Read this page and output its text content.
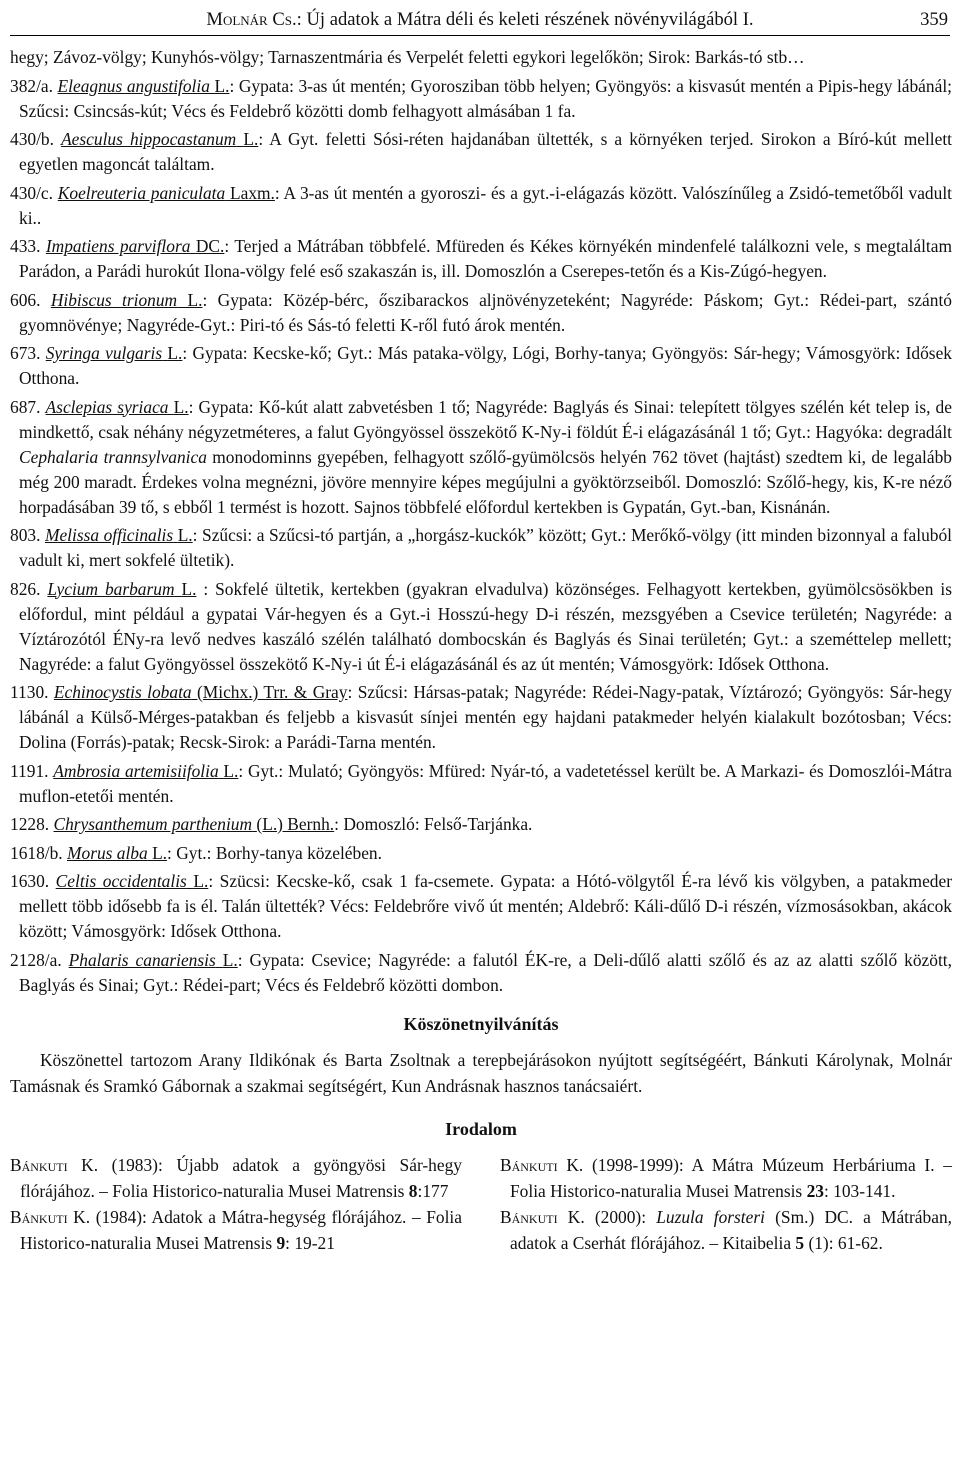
Molnár Cs.: Új adatok a Mátra déli és keleti részének növényvilágából I.	359

hegy; Závoz-völgy; Kunyhós-völgy; Tarnaszentmária és Verpelét feletti egykori legelőkön; Sirok: Barkás-tó stb…

382/a. Eleagnus angustifolia L.: Gypata: 3-as út mentén; Gyorosziban több helyen; Gyöngyös: a kisvasút mentén a Pipis-hegy lábánál; Szűcsi: Csincsás-kút; Vécs és Feldebrő közötti domb felhagyott almásában 1 fa.

430/b. Aesculus hippocastanum L.: A Gyt. feletti Sósi-réten hajdanában ültették, s a környéken terjed. Sirokon a Bíró-kút mellett egyetlen magoncát találtam.

430/c. Koelreuteria paniculata Laxm.: A 3-as út mentén a gyoroszi- és a gyt.-i-elágazás között. Valószínűleg a Zsidó-temetőből vadult ki..

433. Impatiens parviflora DC.: Terjed a Mátrában többfelé. Mfüreden és Kékes környékén mindenfelé találkozni vele, s megtaláltam Parádon, a Parádi hurokút Ilona-völgy felé eső szakaszán is, ill. Domoszlón a Cserepes-tetőn és a Kis-Zúgó-hegyen.

606. Hibiscus trionum L.: Gypata: Közép-bérc, őszibarackos aljnövényzeteként; Nagyréde: Páskom; Gyt.: Rédei-part, szántó gyomnövénye; Nagyréde-Gyt.: Piri-tó és Sás-tó feletti K-ről futó árok mentén.

673. Syringa vulgaris L.: Gypata: Kecske-kő; Gyt.: Más pataka-völgy, Lógi, Borhy-tanya; Gyöngyös: Sár-hegy; Vámosgyörk: Idősek Otthona.

687. Asclepias syriaca L.: Gypata: Kő-kút alatt zabvetésben 1 tő; Nagyréde: Baglyás és Sinai: telepített tölgyes szélén két telep is, de mindkettő, csak néhány négyzetméteres, a falut Gyöngyössel összekötő K-Ny-i földút É-i elágazásánál 1 tő; Gyt.: Hagyóka: degradált Cephalaria trannsylvanica monodominns gyepében, felhagyott szőlő-gyümölcsös helyén 762 tövet (hajtást) szedtem ki, de legalább még 200 maradt. Érdekes volna megnézni, jövöre mennyire képes megújulni a gyöktörzseiből. Domoszló: Szőlő-hegy, kis, K-re néző horpadásában 39 tő, s ebből 1 termést is hozott. Sajnos többfelé előfordul kertekben is Gypatán, Gyt.-ban, Kisnánán.

803. Melissa officinalis L.: Szűcsi: a Szűcsi-tó partján, a „horgász-kuckók” között; Gyt.: Merőkő-völgy (itt minden bizonnyal a faluból vadult ki, mert sokfelé ültetik).

826. Lycium barbarum L. : Sokfelé ültetik, kertekben (gyakran elvadulva) közönséges. Felhagyott kertekben, gyümölcsösökben is előfordul, mint például a gypatai Vár-hegyen és a Gyt.-i Hosszú-hegy D-i részén, mezsgyében a Csevice területén; Nagyréde: a Víztározótól ÉNy-ra levő nedves kaszáló szélén található dombocskán és Baglyás és Sinai területén; Gyt.: a szeméttelep mellett; Nagyréde: a falut Gyöngyössel összekötő K-Ny-i út É-i elágazásánál és az út mentén; Vámosgyörk: Idősek Otthona.

1130. Echinocystis lobata (Michx.) Trr. & Gray: Szűcsi: Hársas-patak; Nagyréde: Rédei-Nagy-patak, Víztározó; Gyöngyös: Sár-hegy lábánál a Külső-Mérges-patakban és feljebb a kisvasút sínjei mentén egy hajdani patakmeder helyén kialakult bozótosban; Vécs: Dolina (Forrás)-patak; Recsk-Sirok: a Parádi-Tarna mentén.

1191. Ambrosia artemisiifolia L.: Gyt.: Mulató; Gyöngyös: Mfüred: Nyár-tó, a vadetetéssel került be. A Markazi- és Domoszlói-Mátra muflon-etetői mentén.

1228. Chrysanthemum parthenium (L.) Bernh.: Domoszló: Felső-Tarjánka.

1618/b. Morus alba L.: Gyt.: Borhy-tanya közelében.

1630. Celtis occidentalis L.: Szücsi: Kecske-kő, csak 1 fa-csemete. Gypata: a Hótó-völgytől É-ra lévő kis völgyben, a patakmeder mellett több idősebb fa is él. Talán ültették? Vécs: Feldebrőre vivő út mentén; Aldebrő: Káli-dűlő D-i részén, vízmosásokban, akácok között; Vámosgyörk: Idősek Otthona.

2128/a. Phalaris canariensis L.: Gypata: Csevice; Nagyréde: a falutól ÉK-re, a Deli-dűlő alatti szőlő és az az alatti szőlő között, Baglyás és Sinai; Gyt.: Rédei-part; Vécs és Feldebrő közötti dombon.

Köszönetnyilvánítás

Köszönettel tartozom Arany Ildikónak és Barta Zsoltnak a terepbejárásokon nyújtott segítségéért, Bánkuti Károlynak, Molnár Tamásnak és Sramkó Gábornak a szakmai segítségért, Kun Andrásnak hasznos tanácsaiért.

Irodalom

Bánkuti K. (1983): Újabb adatok a gyöngyösi Sár-hegy flórájához. – Folia Historico-naturalia Musei Matrensis 8:177

Bánkuti K. (1984): Adatok a Mátra-hegység flórájához. – Folia Historico-naturalia Musei Matrensis 9: 19-21

Bánkuti K. (1998-1999): A Mátra Múzeum Herbáriuma I. – Folia Historico-naturalia Musei Matrensis 23: 103-141.

Bánkuti K. (2000): Luzula forsteri (Sm.) DC. a Mátrában, adatok a Cserhát flórájához. – Kitaibelia 5 (1): 61-62.
